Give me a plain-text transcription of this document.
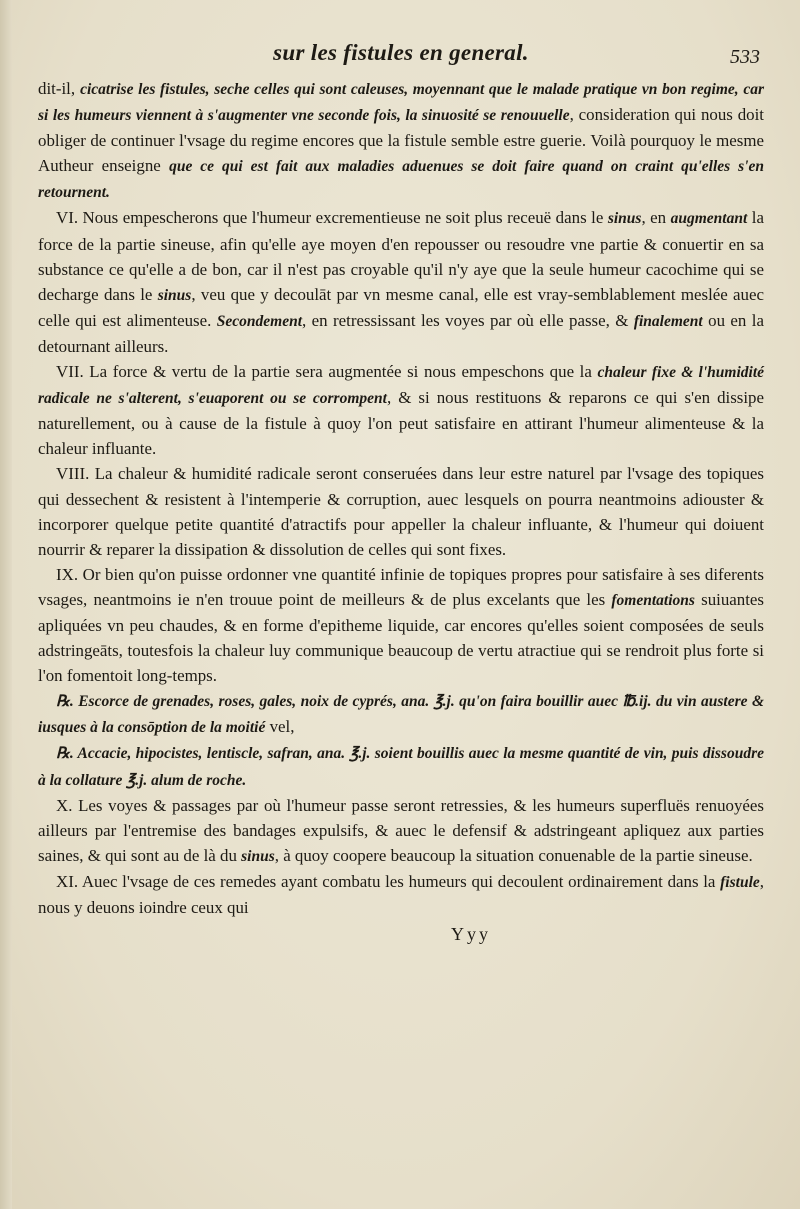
sur les fistules en general.	533

dit-il, cicatrise les fistules, seche celles qui sont caleuses, moyennant que le malade pratique vn bon regime, car si les humeurs viennent à s'augmenter vne seconde fois, la sinuosité se renouuelle, consideration qui nous doit obliger de continuer l'vsage du regime encores que la fistule semble estre guerie. Voilà pourquoy le mesme Autheur enseigne que ce qui est fait aux maladies aduenues se doit faire quand on craint qu'elles s'en retournent.

VI. Nous empescherons que l'humeur excrementieuse ne soit plus receuë dans le sinus, en augmentant la force de la partie sineuse, afin qu'elle aye moyen d'en repousser ou resoudre vne partie & conuertir en sa substance ce qu'elle a de bon, car il n'est pas croyable qu'il n'y aye que la seule humeur cacochime qui se decharge dans le sinus, veu que y decoulāt par vn mesme canal, elle est vray-semblablement meslée auec celle qui est alimenteuse. Secondement, en retressissant les voyes par où elle passe, & finalement ou en la detournant ailleurs.

VII. La force & vertu de la partie sera augmentée si nous empeschons que la chaleur fixe & l'humidité radicale ne s'alterent, s'euaporent ou se corrompent, & si nous restituons & reparons ce qui s'en dissipe naturellement, ou à cause de la fistule à quoy l'on peut satisfaire en attirant l'humeur alimenteuse & la chaleur influante.

VIII. La chaleur & humidité radicale seront conseruées dans leur estre naturel par l'vsage des topiques qui dessechent & resistent à l'intemperie & corruption, auec lesquels on pourra neantmoins adiouster & incorporer quelque petite quantité d'atractifs pour appeller la chaleur influante, & l'humeur qui doiuent nourrir & reparer la dissipation & dissolution de celles qui sont fixes.

IX. Or bien qu'on puisse ordonner vne quantité infinie de topiques propres pour satisfaire à ses diferents vsages, neantmoins ie n'en trouue point de meilleurs & de plus excelants que les fomentations suiuantes apliquées vn peu chaudes, & en forme d'epitheme liquide, car encores qu'elles soient composées de seuls adstringeāts, toutesfois la chaleur luy communique beaucoup de vertu atractiue qui se rendroit plus forte si l'on fomentoit long-temps.

℞. Escorce de grenades, roses, gales, noix de cyprés, ana. ℥.j. qu'on faira bouillir auec ℔.ij. du vin austere & iusques à la consōption de la moitié vel,

℞. Accacie, hipocistes, lentiscle, safran, ana. ℥.j. soient bouillis auec la mesme quantité de vin, puis dissoudre à la collature ℥.j. alum de roche.

X. Les voyes & passages par où l'humeur passe seront retressies, & les humeurs superfluës renuoyées ailleurs par l'entremise des bandages expulsifs, & auec le defensif & adstringeant apliquez aux parties saines, & qui sont au de là du sinus, à quoy coopere beaucoup la situation conuenable de la partie sineuse.

XI. Auec l'vsage de ces remedes ayant combatu les humeurs qui decoulent ordinairement dans la fistule, nous y deuons ioindre ceux qui

Yyy
